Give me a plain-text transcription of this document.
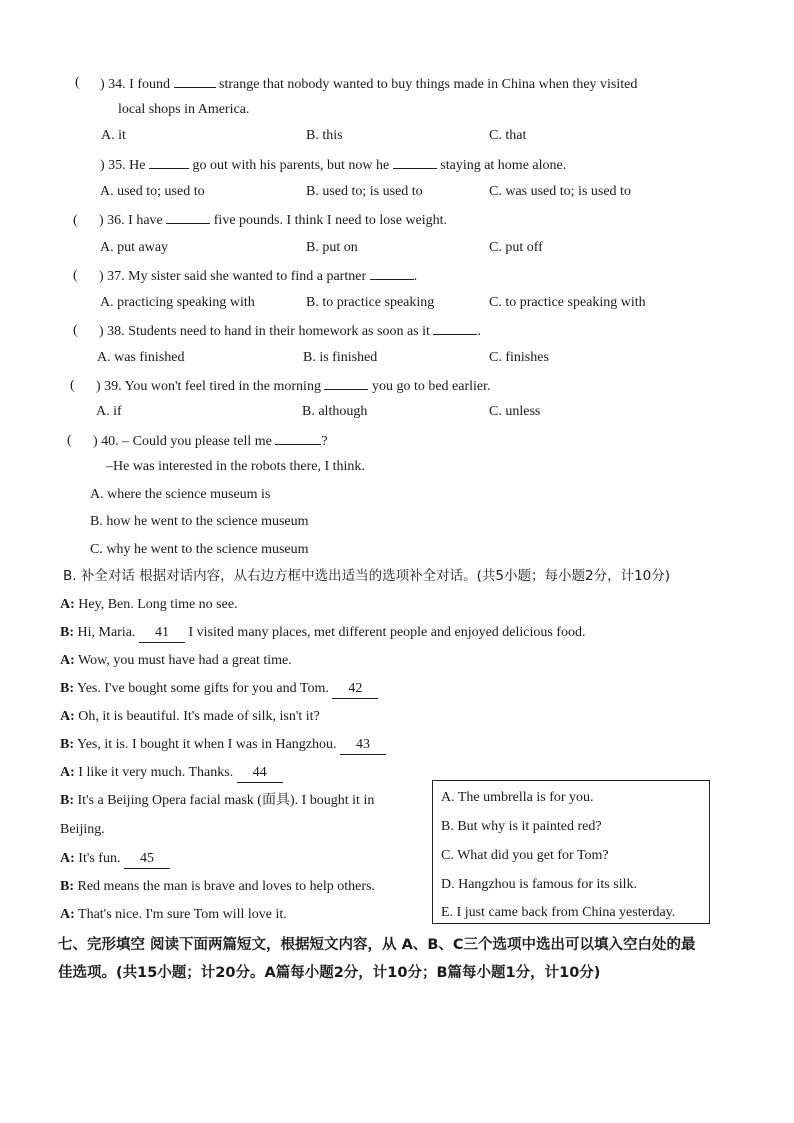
( ) 34. I found	strange that nobody wanted to buy things made in China when they visited
local shops in America.
A. it	B. this	C. that
) 35. He	go out with his parents, but now he	staying at home alone.
A. used to; used to	B. used to; is used to	C. was used to; is used to
( ) 36. I have	five pounds. I think I need to lose weight.
A. put away	B. put on	C. put off
( ) 37. My sister said she wanted to find a partner	.
A. practicing speaking with	B. to practice speaking	C. to practice speaking with
( ) 38. Students need to hand in their homework as soon as it	.
A. was finished	B. is finished	C. finishes
( ) 39. You won't feel tired in the morning	you go to bed earlier.
A. if	B. although	C. unless
( ) 40. – Could you please tell me	?
–He was interested in the robots there, I think.
A. where the science museum is
B. how he went to the science museum
C. why he went to the science museum
B. 补全对话 根据对话内容，从右边方框中选出适当的选项补全对话。(共5小题；每小题2分，计10分)
A: Hey, Ben. Long time no see.
B: Hi, Maria. 41 I visited many places, met different people and enjoyed delicious food.
A: Wow, you must have had a great time.
B: Yes. I've bought some gifts for you and Tom. 42
A: Oh, it is beautiful. It's made of silk, isn't it?
B: Yes, it is. I bought it when I was in Hangzhou. 43
A: I like it very much. Thanks. 44
B: It's a Beijing Opera facial mask (面具). I bought it in
Beijing.
A: It's fun. 45
B: Red means the man is brave and loves to help others.
A: That's nice. I'm sure Tom will love it.
A. The umbrella is for you.
B. But why is it painted red?
C. What did you get for Tom?
D. Hangzhou is famous for its silk.
E. I just came back from China yesterday.
七、完形填空 阅读下面两篇短文，根据短文内容，从 A、B、C三个选项中选出可以填入空白处的最
佳选项。(共15小题；计20分。A篇每小题2分，计10分；B篇每小题1分，计10分)
